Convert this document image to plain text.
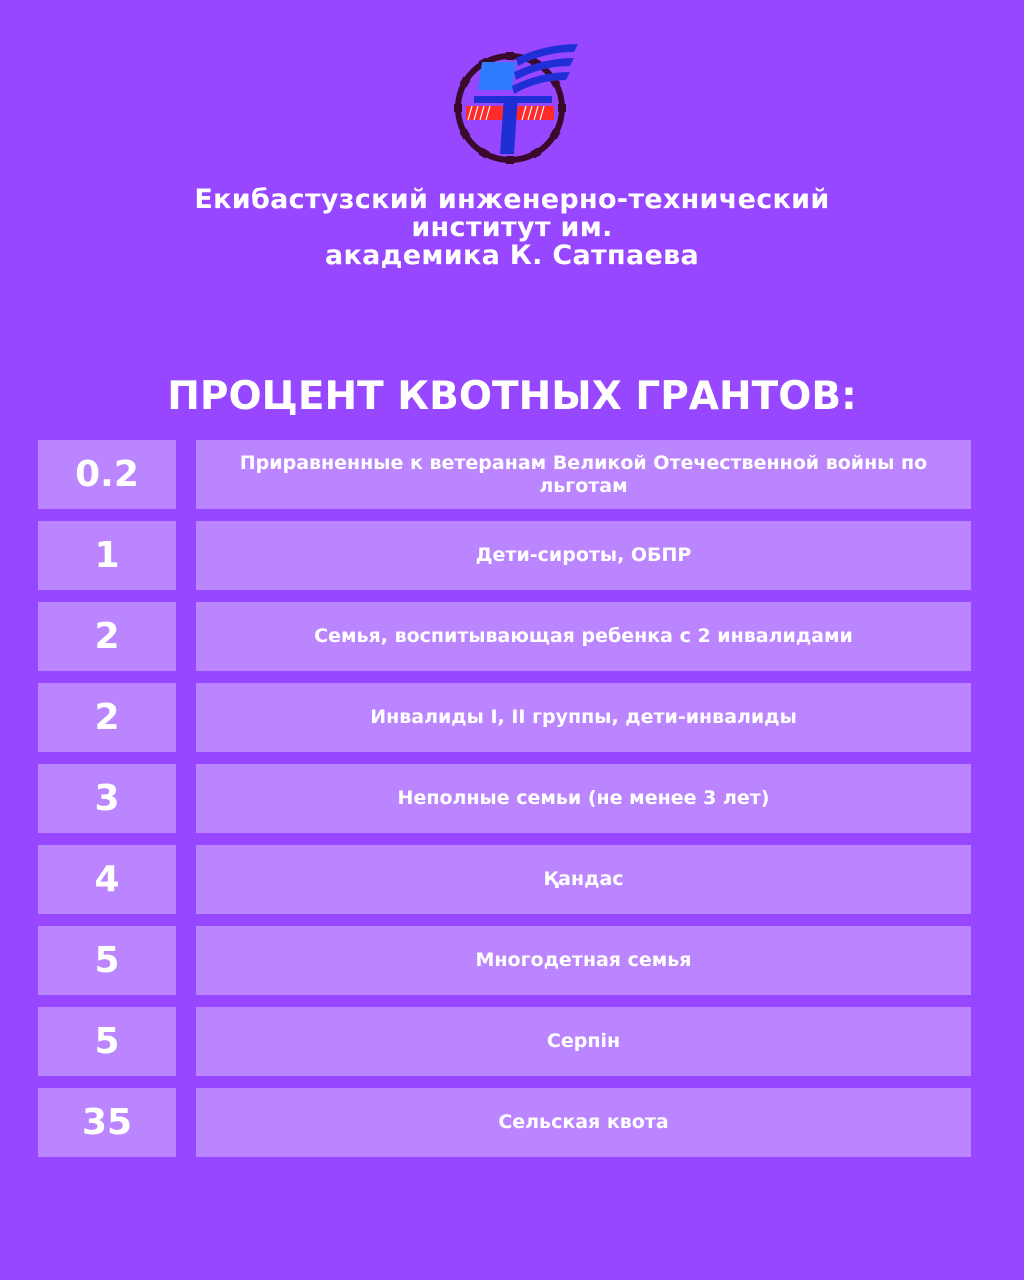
Екибастузский инженерно-технический
институт им.
академика К. Сатпаева
ПРОЦЕНТ КВОТНЫХ ГРАНТОВ:
0.2	Приравненные к ветеранам Великой Отечественной войны по льготам
1	Дети-сироты, ОБПР
2	Семья, воспитывающая ребенка с 2 инвалидами
2	Инвалиды I, II группы, дети-инвалиды
3	Неполные семьи (не менее 3 лет)
4	Қандас
5	Многодетная семья
5	Серпін
35	Сельская квота
